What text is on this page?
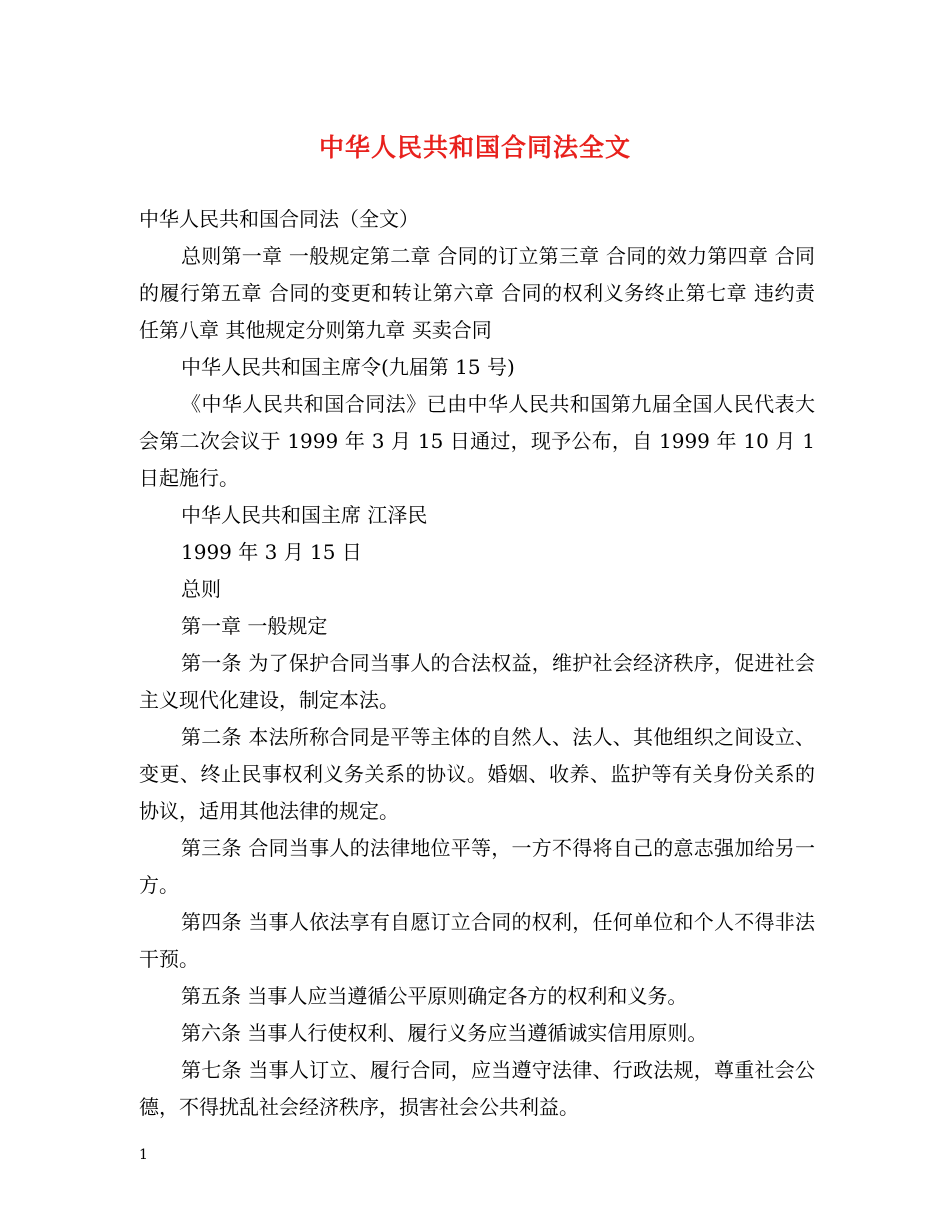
中华人民共和国合同法全文

中华人民共和国合同法（全文）

总则第一章 一般规定第二章 合同的订立第三章 合同的效力第四章 合同的履行第五章 合同的变更和转让第六章 合同的权利义务终止第七章 违约责任第八章 其他规定分则第九章 买卖合同

中华人民共和国主席令(九届第 15 号)

《中华人民共和国合同法》已由中华人民共和国第九届全国人民代表大会第二次会议于 1999 年 3 月 15 日通过，现予公布，自 1999 年 10 月 1 日起施行。

中华人民共和国主席 江泽民

1999 年 3 月 15 日

总则

第一章 一般规定

第一条 为了保护合同当事人的合法权益，维护社会经济秩序，促进社会主义现代化建设，制定本法。

第二条 本法所称合同是平等主体的自然人、法人、其他组织之间设立、变更、终止民事权利义务关系的协议。婚姻、收养、监护等有关身份关系的协议，适用其他法律的规定。

第三条 合同当事人的法律地位平等，一方不得将自己的意志强加给另一方。

第四条 当事人依法享有自愿订立合同的权利，任何单位和个人不得非法干预。

第五条 当事人应当遵循公平原则确定各方的权利和义务。

第六条 当事人行使权利、履行义务应当遵循诚实信用原则。

第七条 当事人订立、履行合同，应当遵守法律、行政法规，尊重社会公德，不得扰乱社会经济秩序，损害社会公共利益。

1
